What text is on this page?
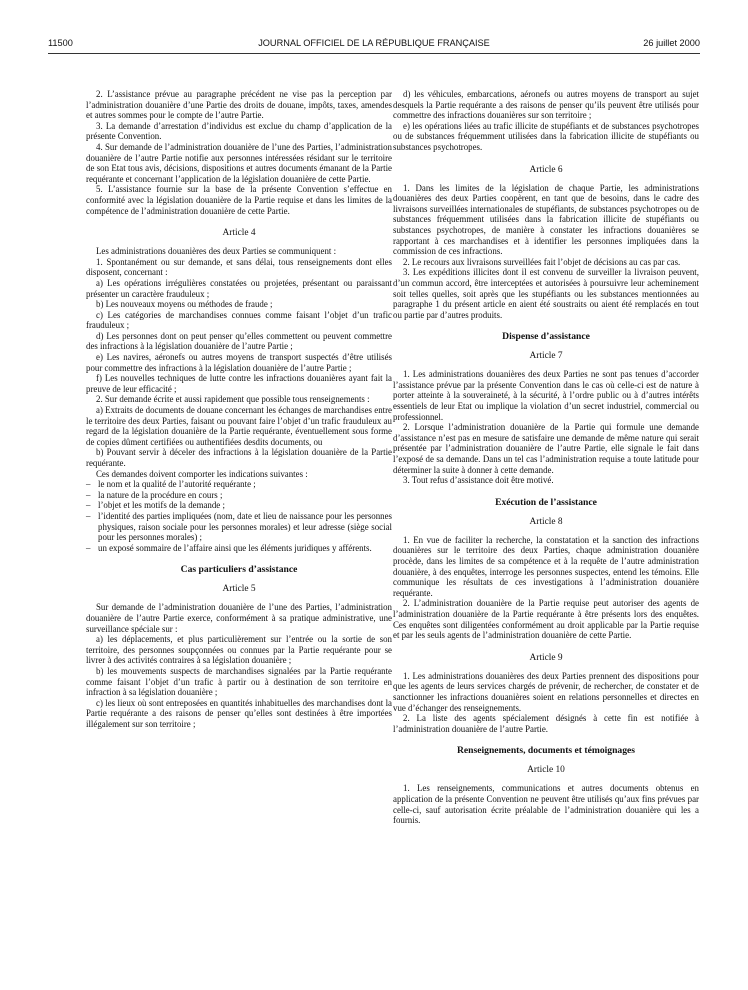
11500	JOURNAL OFFICIEL DE LA RÉPUBLIQUE FRANÇAISE	26 juillet 2000

2. L’assistance prévue au paragraphe précédent ne vise pas la perception par l’administration douanière d’une Partie des droits de douane, impôts, taxes, amendes et autres sommes pour le compte de l’autre Partie.

3. La demande d’arrestation d’individus est exclue du champ d’application de la présente Convention.

4. Sur demande de l’administration douanière de l’une des Parties, l’administration douanière de l’autre Partie notifie aux personnes intéressées résidant sur le territoire de son Etat tous avis, décisions, dispositions et autres documents émanant de la Partie requérante et concernant l’application de la législation douanière de cette Partie.

5. L’assistance fournie sur la base de la présente Convention s’effectue en conformité avec la législation douanière de la Partie requise et dans les limites de la compétence de l’administration douanière de cette Partie.

Article 4

Les administrations douanières des deux Parties se communiquent :

1. Spontanément ou sur demande, et sans délai, tous renseignements dont elles disposent, concernant :

a) Les opérations irrégulières constatées ou projetées, présentant ou paraissant présenter un caractère frauduleux ;

b) Les nouveaux moyens ou méthodes de fraude ;

c) Les catégories de marchandises connues comme faisant l’objet d’un trafic frauduleux ;

d) Les personnes dont on peut penser qu’elles commettent ou peuvent commettre des infractions à la législation douanière de l’autre Partie ;

e) Les navires, aéronefs ou autres moyens de transport suspectés d’être utilisés pour commettre des infractions à la législation douanière de l’autre Partie ;

f) Les nouvelles techniques de lutte contre les infractions douanières ayant fait la preuve de leur efficacité ;

2. Sur demande écrite et aussi rapidement que possible tous renseignements :

a) Extraits de documents de douane concernant les échanges de marchandises entre le territoire des deux Parties, faisant ou pouvant faire l’objet d’un trafic frauduleux au regard de la législation douanière de la Partie requérante, éventuellement sous forme de copies dûment certifiées ou authentifiées desdits documents, ou

b) Pouvant servir à déceler des infractions à la législation douanière de la Partie requérante.

Ces demandes doivent comporter les indications suivantes :

– le nom et la qualité de l’autorité requérante ;

– la nature de la procédure en cours ;

– l’objet et les motifs de la demande ;

– l’identité des parties impliquées (nom, date et lieu de naissance pour les personnes physiques, raison sociale pour les personnes morales) et leur adresse (siège social pour les personnes morales) ;

– un exposé sommaire de l’affaire ainsi que les éléments juridiques y afférents.

Cas particuliers d’assistance
Article 5

Sur demande de l’administration douanière de l’une des Parties, l’administration douanière de l’autre Partie exerce, conformément à sa pratique administrative, une surveillance spéciale sur :

a) les déplacements, et plus particulièrement sur l’entrée ou la sortie de son territoire, des personnes soupçonnées ou connues par la Partie requérante pour se livrer à des activités contraires à sa législation douanière ;

b) les mouvements suspects de marchandises signalées par la Partie requérante comme faisant l’objet d’un trafic à partir ou à destination de son territoire en infraction à sa législation douanière ;

c) les lieux où sont entreposées en quantités inhabituelles des marchandises dont la Partie requérante a des raisons de penser qu’elles sont destinées à être importées illégalement sur son territoire ;

d) les véhicules, embarcations, aéronefs ou autres moyens de transport au sujet desquels la Partie requérante a des raisons de penser qu’ils peuvent être utilisés pour commettre des infractions douanières sur son territoire ;

e) les opérations liées au trafic illicite de stupéfiants et de substances psychotropes ou de substances fréquemment utilisées dans la fabrication illicite de stupéfiants ou substances psychotropes.

Article 6

1. Dans les limites de la législation de chaque Partie, les administrations douanières des deux Parties coopèrent, en tant que de besoins, dans le cadre des livraisons surveillées internationales de stupéfiants, de substances psychotropes ou de substances fréquemment utilisées dans la fabrication illicite de stupéfiants ou substances psychotropes, de manière à constater les infractions douanières se rapportant à ces marchandises et à identifier les personnes impliquées dans la commission de ces infractions.

2. Le recours aux livraisons surveillées fait l’objet de décisions au cas par cas.

3. Les expéditions illicites dont il est convenu de surveiller la livraison peuvent, d’un commun accord, être interceptées et autorisées à poursuivre leur acheminement soit telles quelles, soit après que les stupéfiants ou les substances mentionnées au paragraphe 1 du présent article en aient été soustraits ou aient été remplacés en tout ou partie par d’autres produits.

Dispense d’assistance
Article 7

1. Les administrations douanières des deux Parties ne sont pas tenues d’accorder l’assistance prévue par la présente Convention dans le cas où celle-ci est de nature à porter atteinte à la souveraineté, à la sécurité, à l’ordre public ou à d’autres intérêts essentiels de leur Etat ou implique la violation d’un secret industriel, commercial ou professionnel.

2. Lorsque l’administration douanière de la Partie qui formule une demande d’assistance n’est pas en mesure de satisfaire une demande de même nature qui serait présentée par l’administration douanière de l’autre Partie, elle signale le fait dans l’exposé de sa demande. Dans un tel cas l’administration requise a toute latitude pour déterminer la suite à donner à cette demande.

3. Tout refus d’assistance doit être motivé.

Exécution de l’assistance
Article 8

1. En vue de faciliter la recherche, la constatation et la sanction des infractions douanières sur le territoire des deux Parties, chaque administration douanière procède, dans les limites de sa compétence et à la requête de l’autre administration douanière, à des enquêtes, interroge les personnes suspectes, entend les témoins. Elle communique les résultats de ces investigations à l’administration douanière requérante.

2. L’administration douanière de la Partie requise peut autoriser des agents de l’administration douanière de la Partie requérante à être présents lors des enquêtes. Ces enquêtes sont diligentées conformément au droit applicable par la Partie requise et par les seuls agents de l’administration douanière de cette Partie.

Article 9

1. Les administrations douanières des deux Parties prennent des dispositions pour que les agents de leurs services chargés de prévenir, de rechercher, de constater et de sanctionner les infractions douanières soient en relations personnelles et directes en vue d’échanger des renseignements.

2. La liste des agents spécialement désignés à cette fin est notifiée à l’administration douanière de l’autre Partie.

Renseignements, documents et témoignages
Article 10

1. Les renseignements, communications et autres documents obtenus en application de la présente Convention ne peuvent être utilisés qu’aux fins prévues par celle-ci, sauf autorisation écrite préalable de l’administration douanière qui les a fournis.
